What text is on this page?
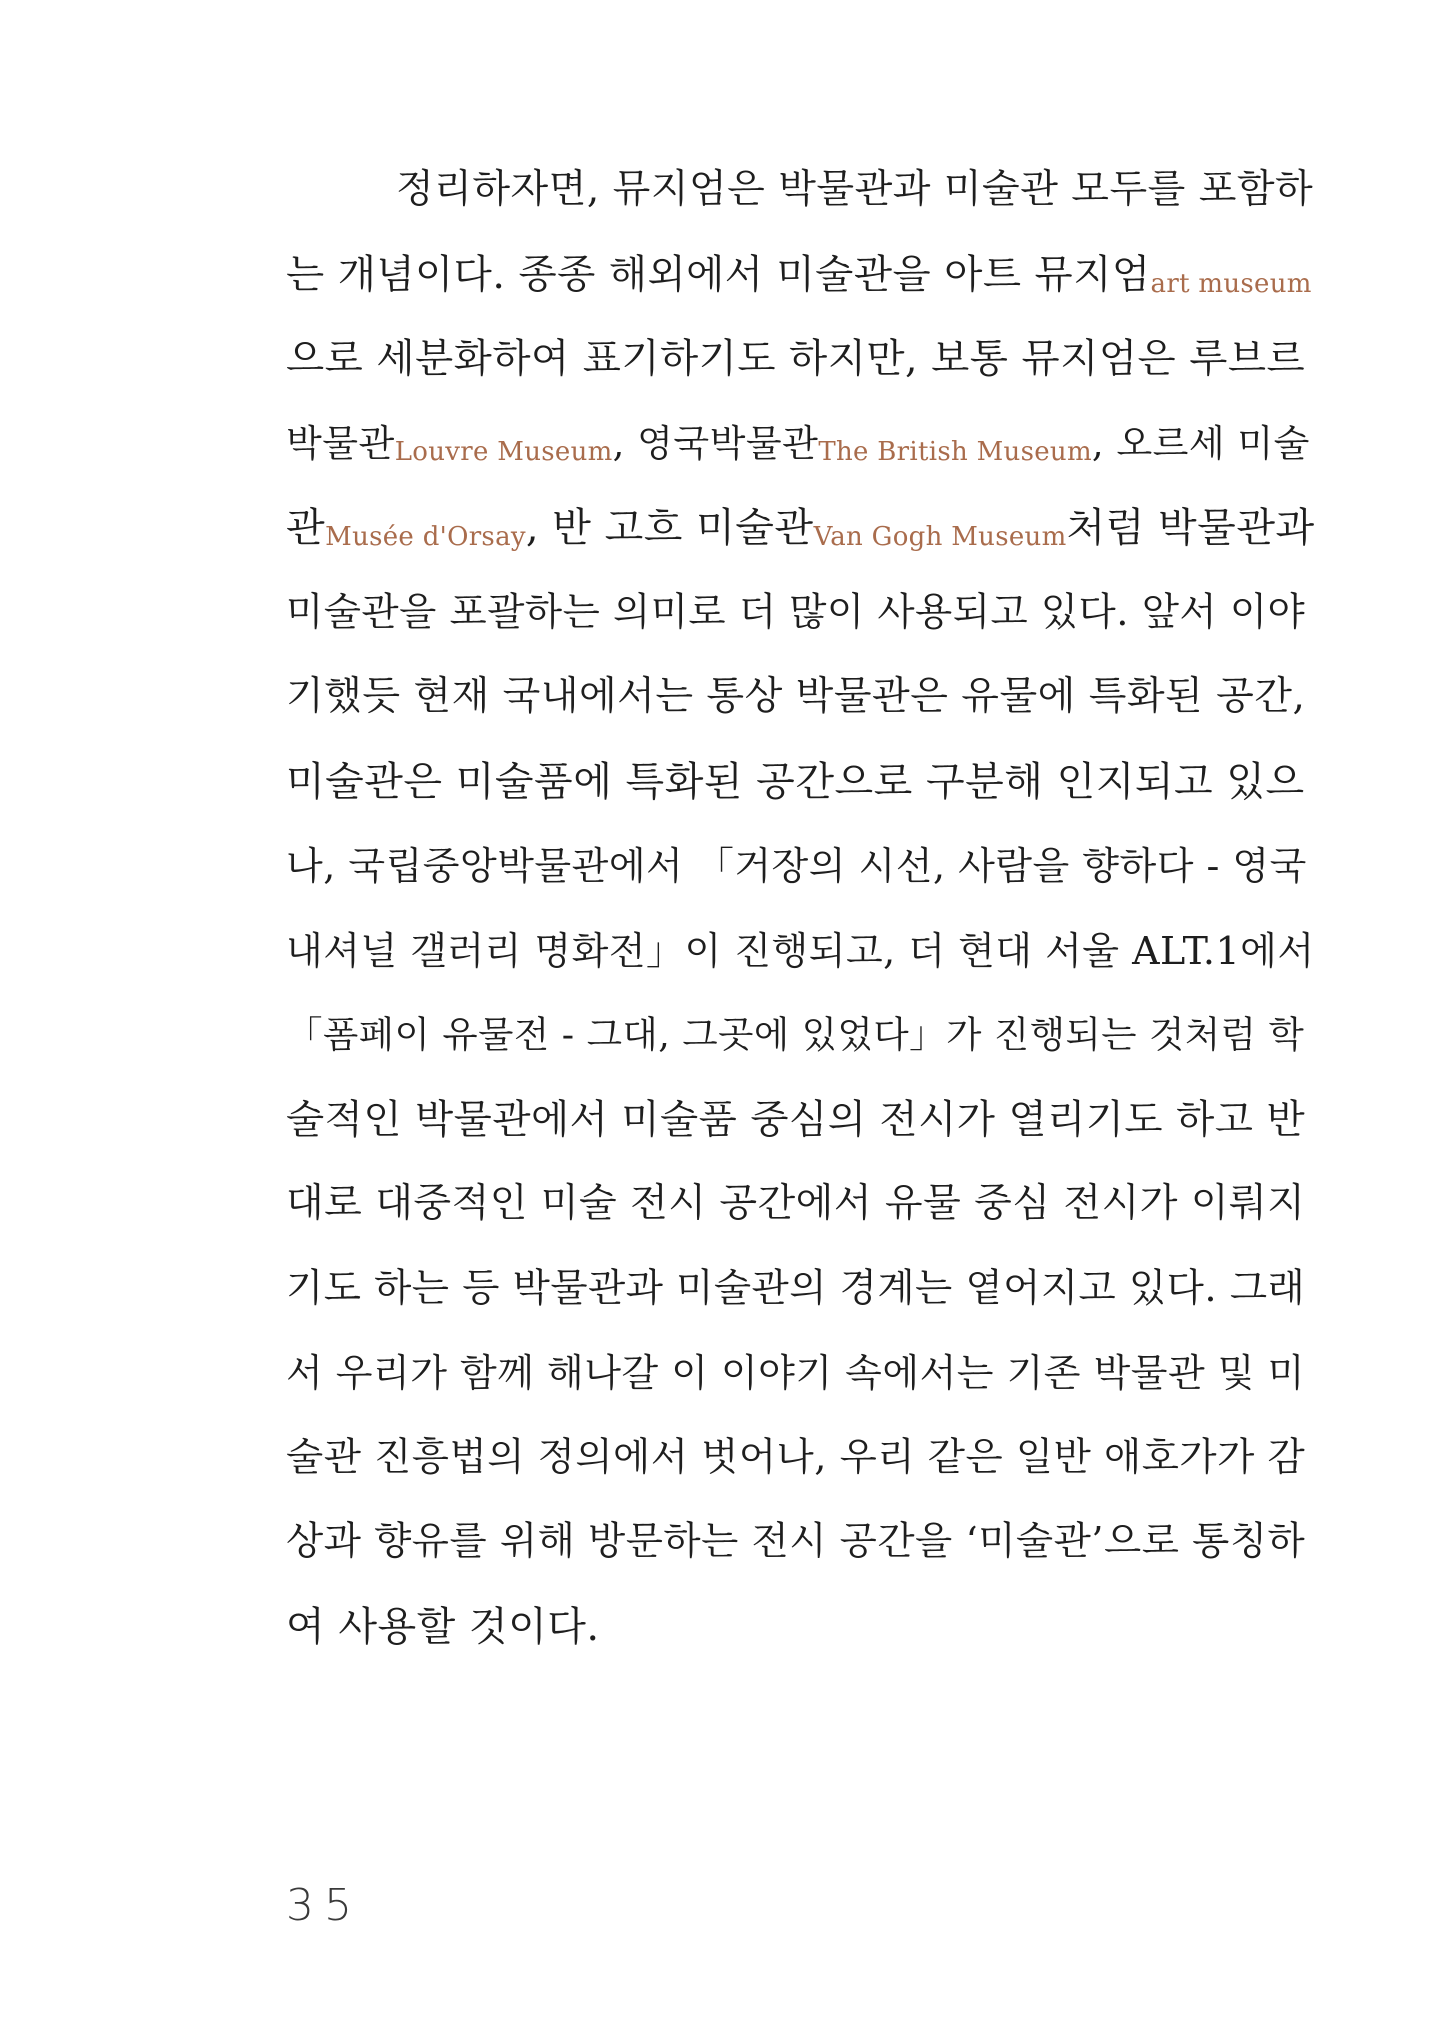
정리하자면, 뮤지엄은 박물관과 미술관 모두를 포함하
는 개념이다. 종종 해외에서 미술관을 아트 뮤지엄art museum
으로 세분화하여 표기하기도 하지만, 보통 뮤지엄은 루브르
박물관Louvre Museum, 영국박물관The British Museum, 오르세 미술
관Musée d'Orsay, 반 고흐 미술관Van Gogh Museum처럼 박물관과
미술관을 포괄하는 의미로 더 많이 사용되고 있다. 앞서 이야
기했듯 현재 국내에서는 통상 박물관은 유물에 특화된 공간,
미술관은 미술품에 특화된 공간으로 구분해 인지되고 있으
나, 국립중앙박물관에서 「거장의 시선, 사람을 향하다 - 영국
내셔널 갤러리 명화전」이 진행되고, 더 현대 서울 ALT.1에서
「폼페이 유물전 - 그대, 그곳에 있었다」가 진행되는 것처럼 학
술적인 박물관에서 미술품 중심의 전시가 열리기도 하고 반
대로 대중적인 미술 전시 공간에서 유물 중심 전시가 이뤄지
기도 하는 등 박물관과 미술관의 경계는 옅어지고 있다. 그래
서 우리가 함께 해나갈 이 이야기 속에서는 기존 박물관 및 미
술관 진흥법의 정의에서 벗어나, 우리 같은 일반 애호가가 감
상과 향유를 위해 방문하는 전시 공간을 ‘미술관’으로 통칭하
여 사용할 것이다.
35
